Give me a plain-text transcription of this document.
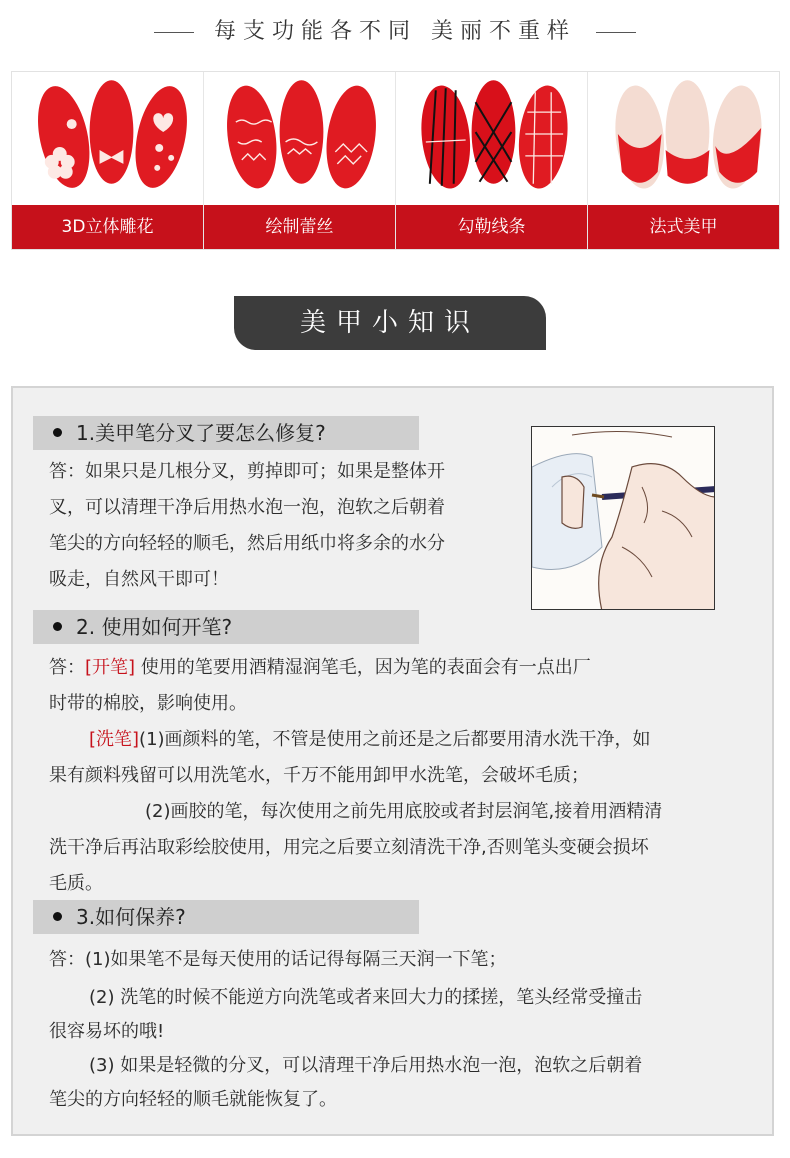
每支功能各不同 美丽不重样
3D立体雕花	绘制蕾丝	勾勒线条	法式美甲
美甲小知识
1.美甲笔分叉了要怎么修复?
答：如果只是几根分叉，剪掉即可；如果是整体开
叉，可以清理干净后用热水泡一泡，泡软之后朝着
笔尖的方向轻轻的顺毛，然后用纸巾将多余的水分
吸走，自然风干即可！
2. 使用如何开笔?
答：[开笔] 使用的笔要用酒精湿润笔毛，因为笔的表面会有一点出厂
时带的棉胶，影响使用。
[洗笔](1)画颜料的笔，不管是使用之前还是之后都要用清水洗干净，如
果有颜料残留可以用洗笔水，千万不能用卸甲水洗笔，会破坏毛质；
(2)画胶的笔，每次使用之前先用底胶或者封层润笔,接着用酒精清
洗干净后再沾取彩绘胶使用，用完之后要立刻清洗干净,否则笔头变硬会损坏
毛质。
3.如何保养?
答：(1)如果笔不是每天使用的话记得每隔三天润一下笔；
(2) 洗笔的时候不能逆方向洗笔或者来回大力的揉搓，笔头经常受撞击
很容易坏的哦!
(3) 如果是轻微的分叉，可以清理干净后用热水泡一泡，泡软之后朝着
笔尖的方向轻轻的顺毛就能恢复了。
